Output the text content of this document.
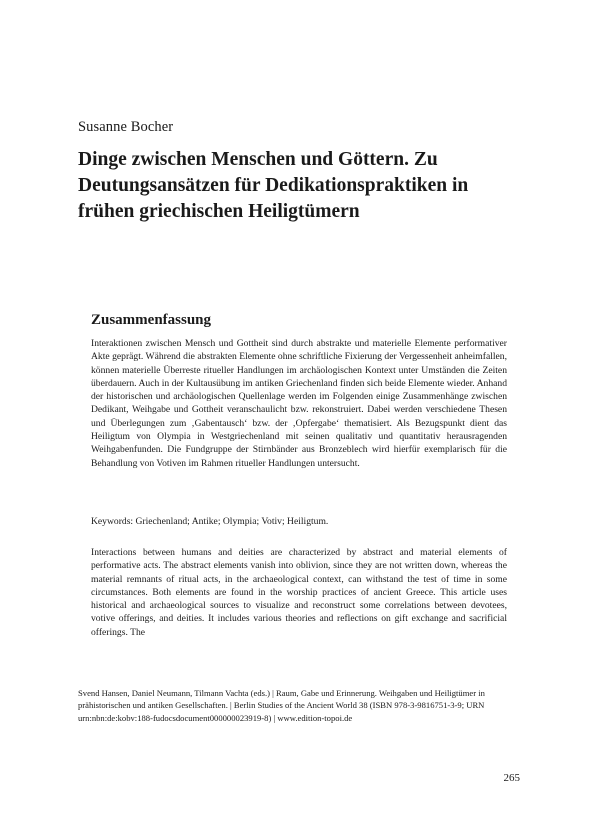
Susanne Bocher
Dinge zwischen Menschen und Göttern. Zu Deutungsansätzen für Dedikationspraktiken in frühen griechischen Heiligtümern
Zusammenfassung

Interaktionen zwischen Mensch und Gottheit sind durch abstrakte und materielle Elemente performativer Akte geprägt. Während die abstrakten Elemente ohne schriftliche Fixierung der Vergessenheit anheimfallen, können materielle Überreste ritueller Handlungen im archäologischen Kontext unter Umständen die Zeiten überdauern. Auch in der Kultausübung im antiken Griechenland finden sich beide Elemente wieder. Anhand der historischen und archäologischen Quellenlage werden im Folgenden einige Zusammenhänge zwischen Dedikant, Weihgabe und Gottheit veranschaulicht bzw. rekonstruiert. Dabei werden verschiedene Thesen und Überlegungen zum ‚Gabentausch‘ bzw. der ‚Opfergabe‘ thematisiert. Als Bezugspunkt dient das Heiligtum von Olympia in Westgriechenland mit seinen qualitativ und quantitativ herausragenden Weihgabenfunden. Die Fundgruppe der Stirnbänder aus Bronzeblech wird hierfür exemplarisch für die Behandlung von Votiven im Rahmen ritueller Handlungen untersucht.

Keywords: Griechenland; Antike; Olympia; Votiv; Heiligtum.

Interactions between humans and deities are characterized by abstract and material elements of performative acts. The abstract elements vanish into oblivion, since they are not written down, whereas the material remnants of ritual acts, in the archaeological context, can withstand the test of time in some circumstances. Both elements are found in the worship practices of ancient Greece. This article uses historical and archaeological sources to visualize and reconstruct some correlations between devotees, votive offerings, and deities. It includes various theories and reflections on gift exchange and sacrificial offerings. The

Svend Hansen, Daniel Neumann, Tilmann Vachta (eds.) | Raum, Gabe und Erinnerung. Weihgaben und Heiligtümer in prähistorischen und antiken Gesellschaften. | Berlin Studies of the Ancient World 38 (ISBN 978-3-9816751-3-9; URN urn:nbn:de:kobv:188-fudocsdocument000000023919-8) | www.edition-topoi.de

265
